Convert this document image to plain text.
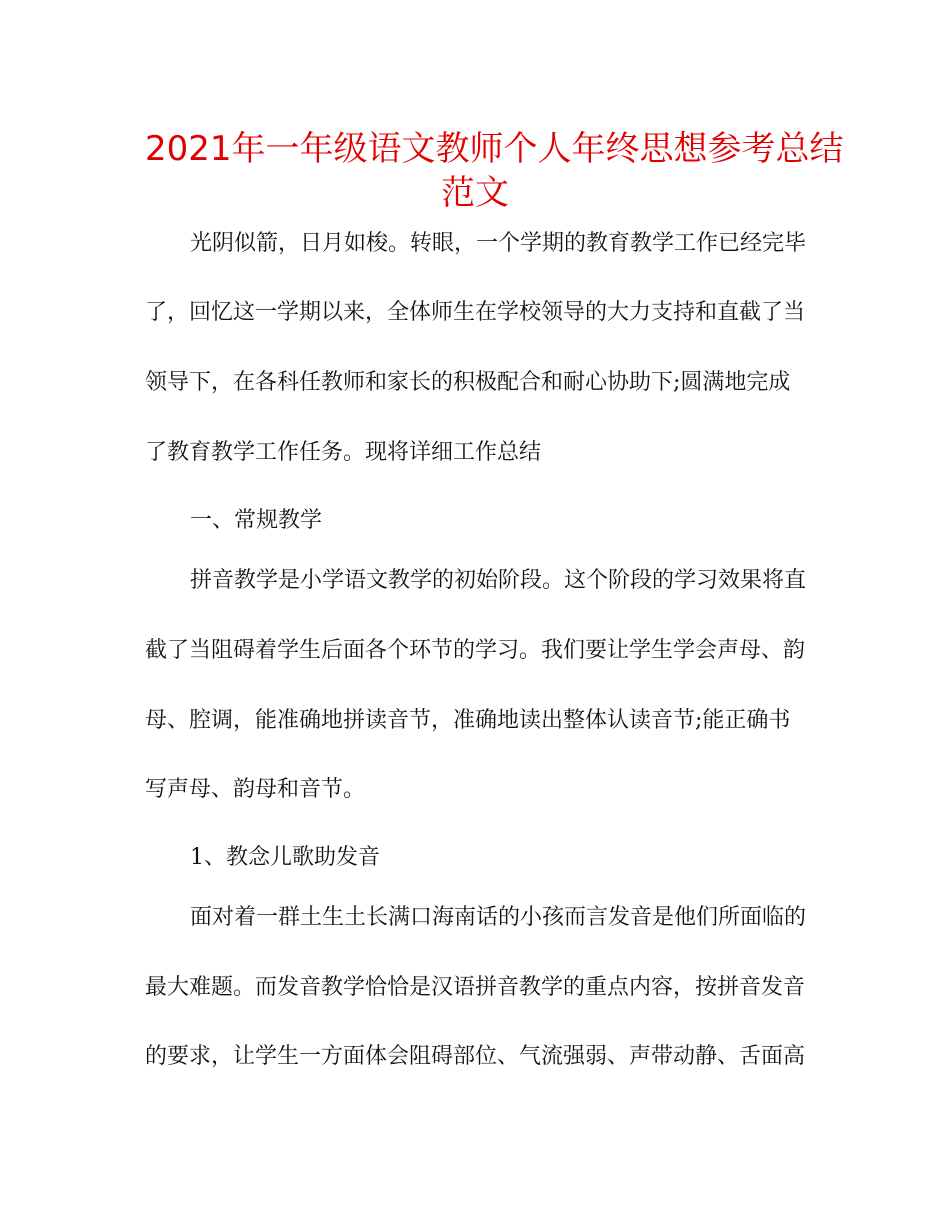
2021年一年级语文教师个人年终思想参考总结
范文
光阴似箭，日月如梭。转眼，一个学期的教育教学工作已经完毕
了，回忆这一学期以来，全体师生在学校领导的大力支持和直截了当
领导下，在各科任教师和家长的积极配合和耐心协助下;圆满地完成
了教育教学工作任务。现将详细工作总结
一、常规教学
拼音教学是小学语文教学的初始阶段。这个阶段的学习效果将直
截了当阻碍着学生后面各个环节的学习。我们要让学生学会声母、韵
母、腔调，能准确地拼读音节，准确地读出整体认读音节;能正确书
写声母、韵母和音节。
1、教念儿歌助发音
面对着一群土生土长满口海南话的小孩而言发音是他们所面临的
最大难题。而发音教学恰恰是汉语拼音教学的重点内容，按拼音发音
的要求，让学生一方面体会阻碍部位、气流强弱、声带动静、舌面高
